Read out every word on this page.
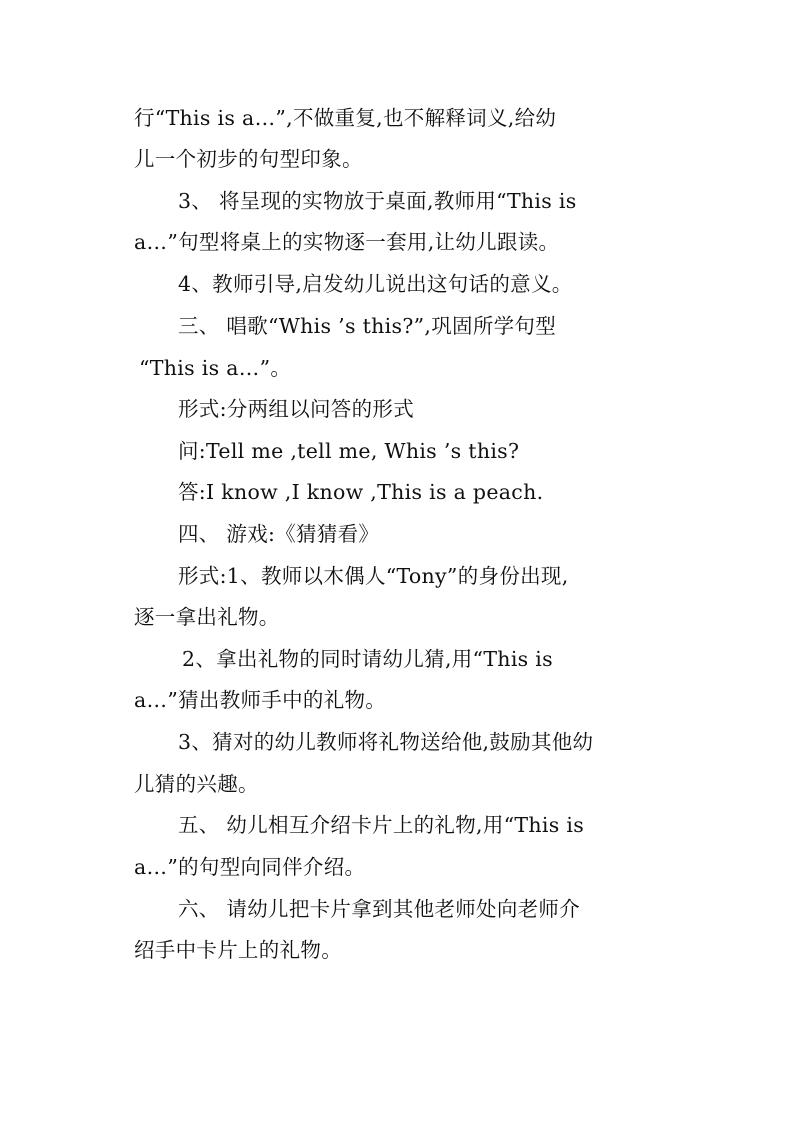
行“This is a…”,不做重复,也不解释词义,给幼
儿一个初步的句型印象。
3、 将呈现的实物放于桌面,教师用“This is
a…”句型将桌上的实物逐一套用,让幼儿跟读。
4、教师引导,启发幼儿说出这句话的意义。
三、 唱歌“Whis ’s this?”,巩固所学句型
“This is a…”。
形式:分两组以问答的形式
问:Tell me ,tell me, Whis ’s this?
答:I know ,I know ,This is a peach.
四、 游戏:《猜猜看》
形式:1、教师以木偶人“Tony”的身份出现,
逐一拿出礼物。
2、拿出礼物的同时请幼儿猜,用“This is
a…”猜出教师手中的礼物。
3、猜对的幼儿教师将礼物送给他,鼓励其他幼
儿猜的兴趣。
五、 幼儿相互介绍卡片上的礼物,用“This is
a…”的句型向同伴介绍。
六、 请幼儿把卡片拿到其他老师处向老师介
绍手中卡片上的礼物。
